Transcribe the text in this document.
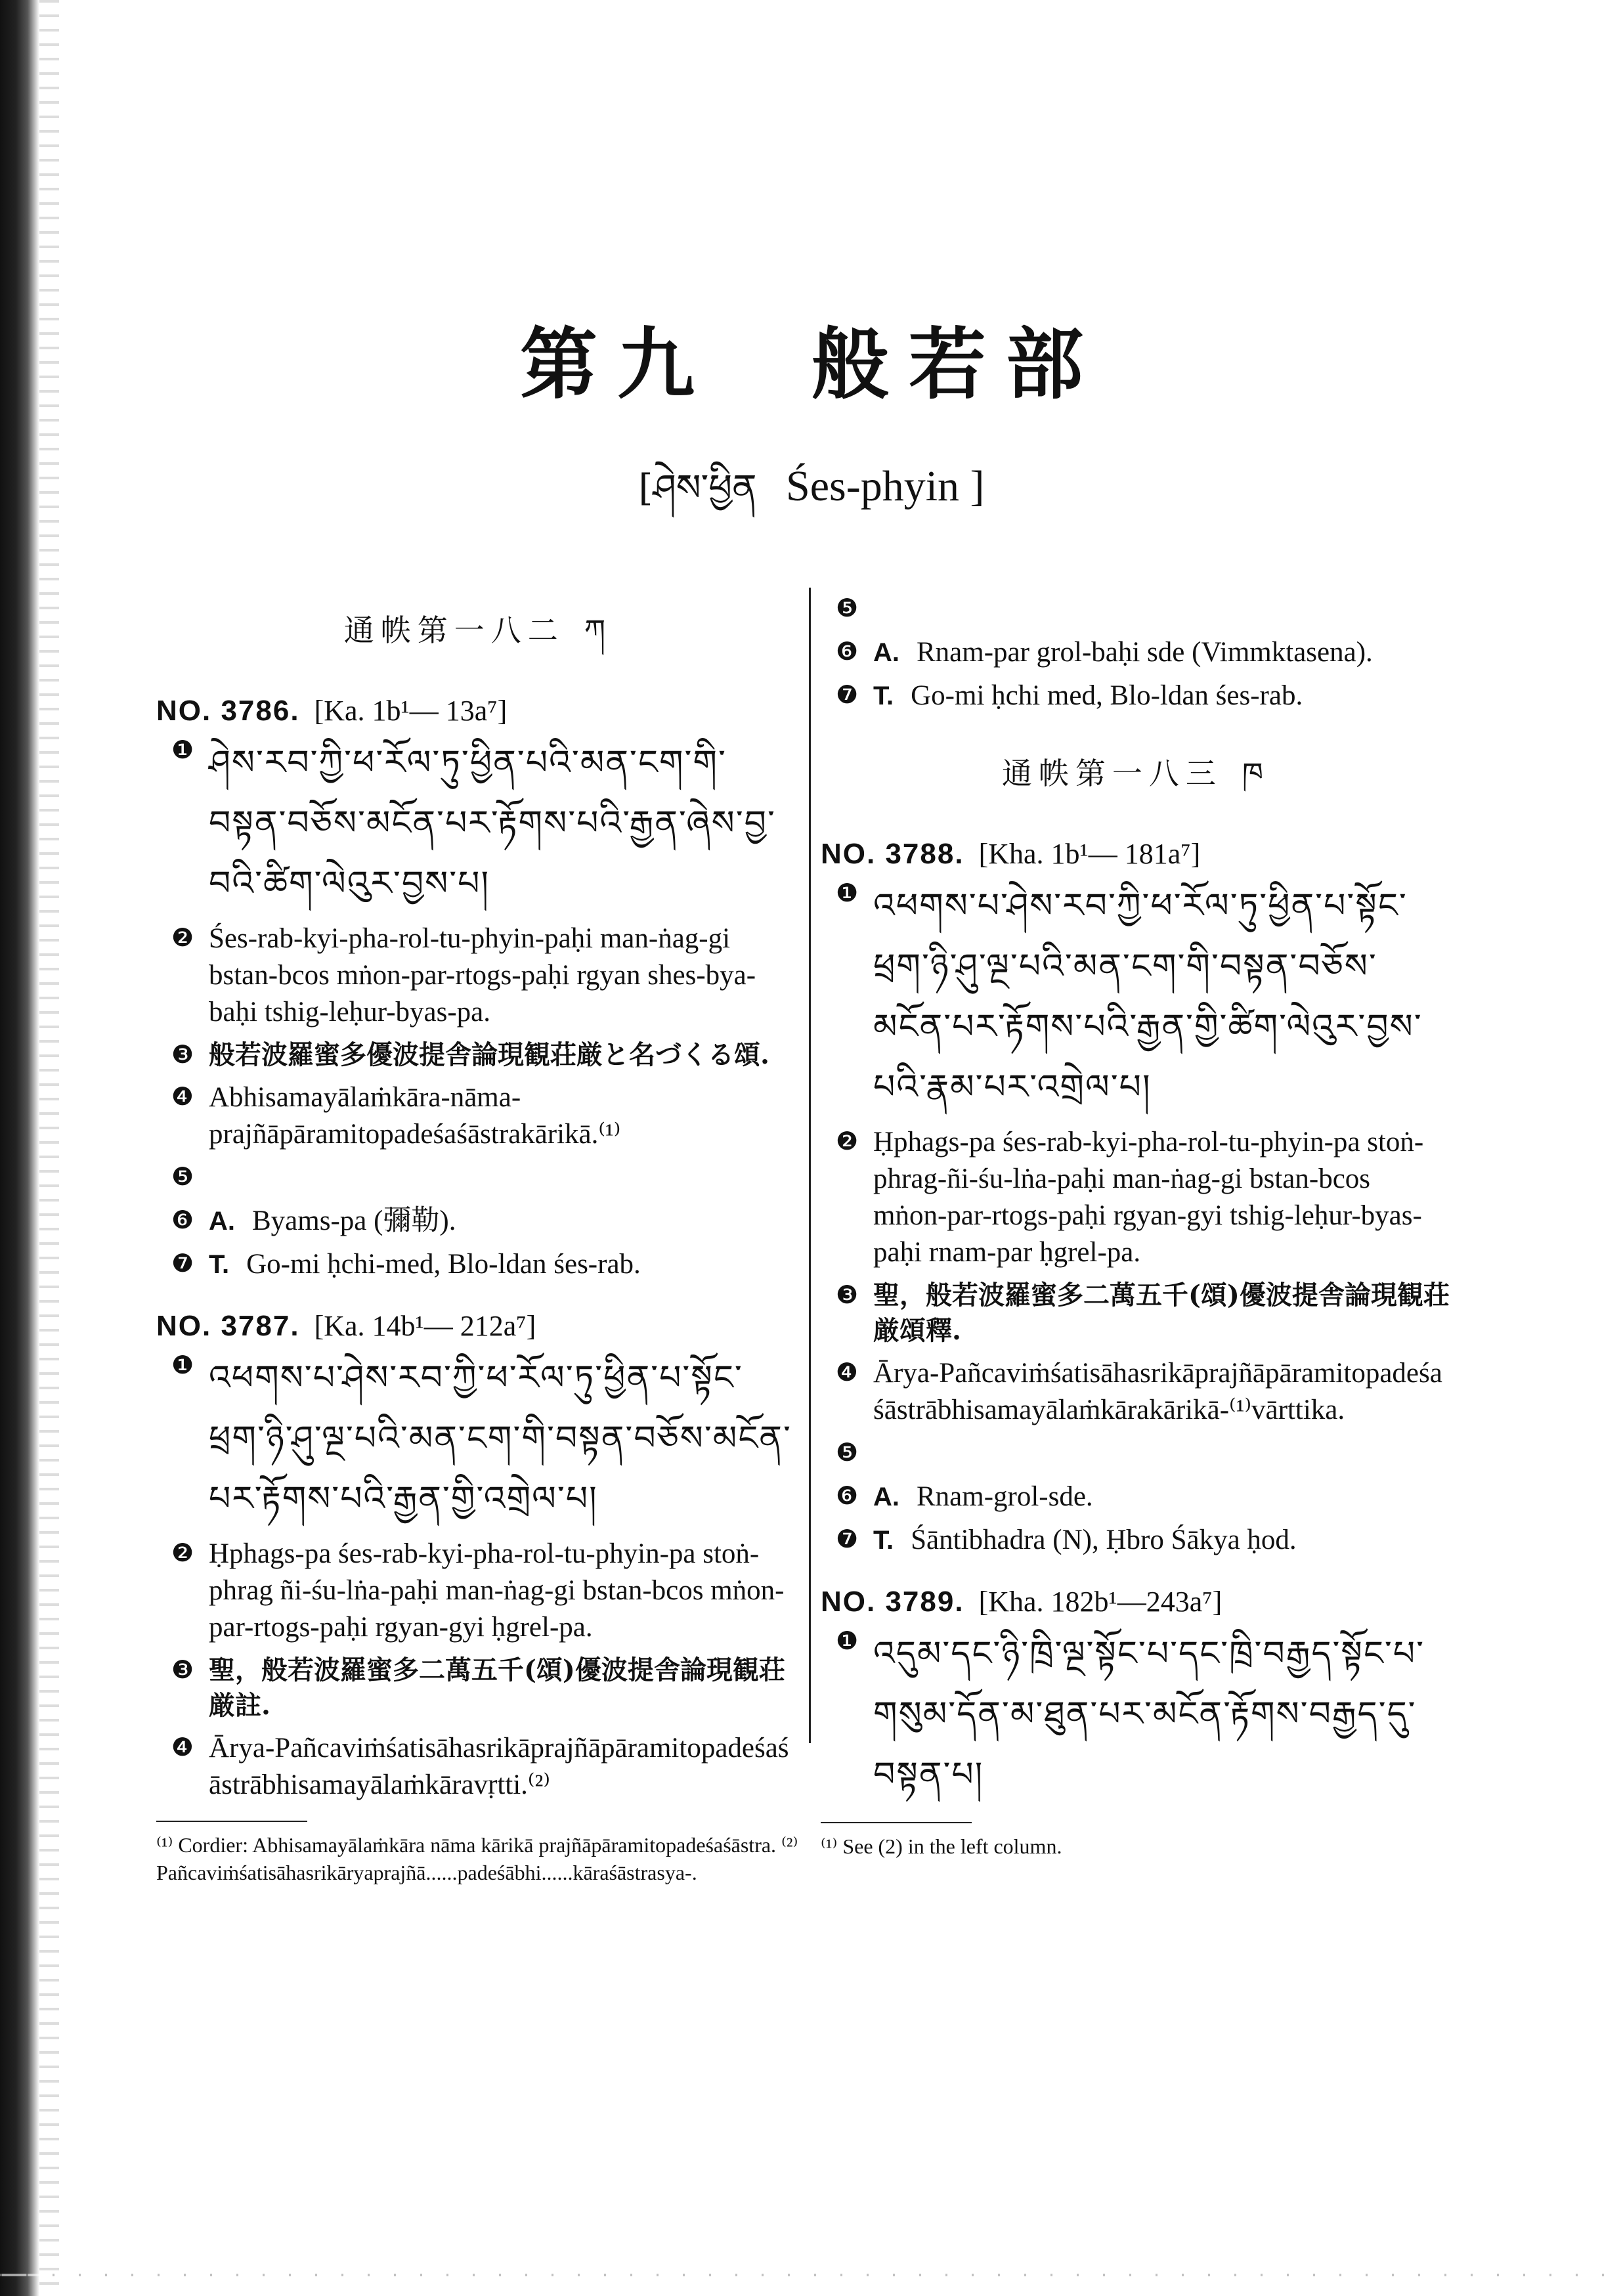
第九　般若部
[ཤེས་ཕྱིན Śes-phyin ]
通帙第一八二 ཀ
NO. 3786. [Ka. 1b¹— 13a⁷]
❶ ཤེས་རབ་ཀྱི་ཕ་རོལ་ཏུ་ཕྱིན་པའི་མན་ངག་གི་བསྟན་བཅོས་མངོན་པར་རྟོགས་པའི་རྒྱན་ཞེས་བྱ་བའི་ཚིག་ལེའུར་བྱས་པ།
❷ Śes-rab-kyi-pha-rol-tu-phyin-paḥi man-ṅag-gi bstan-bcos mṅon-par-rtogs-paḥi rgyan shes-bya-baḥi tshig-leḥur-byas-pa.
❸ 般若波羅蜜多優波提舎論現観荘厳と名づくる頌.
❹ Abhisamayālaṁkāra-nāma-prajñāpāramitopadeśaśāstrakārikā.⁽¹⁾
❺
❻ A. Byams-pa (彌勒).
❼ T. Go-mi ḥchi-med, Blo-ldan śes-rab.
NO. 3787. [Ka. 14b¹— 212a⁷]
❶ འཕགས་པ་ཤེས་རབ་ཀྱི་ཕ་རོལ་ཏུ་ཕྱིན་པ་སྟོང་ཕྲག་ཉི་ཤུ་ལྔ་པའི་མན་ངག་གི་བསྟན་བཅོས་མངོན་པར་རྟོགས་པའི་རྒྱན་གྱི་འགྲེལ་པ།
❷ Ḥphags-pa śes-rab-kyi-pha-rol-tu-phyin-pa stoṅ-phrag ñi-śu-lṅa-paḥi man-ṅag-gi bstan-bcos mṅon-par-rtogs-paḥi rgyan-gyi ḥgrel-pa.
❸ 聖，般若波羅蜜多二萬五千(頌)優波提舎論現観荘厳註.
❹ Ārya-Pañcaviṁśatisāhasrikāprajñāpāramitopadeśaśāstrābhisamayālaṁkāravṛtti.⁽²⁾
⁽¹⁾ Cordier: Abhisamayālaṁkāra nāma kārikā prajñāpāramitopadeśaśāstra. ⁽²⁾ Pañcaviṁśatisāhasrikāryaprajñā......padeśābhi......kāraśāstrasya-.
❺
❻ A. Rnam-par grol-baḥi sde (Vimmktasena).
❼ T. Go-mi ḥchi med, Blo-ldan śes-rab.
通帙第一八三 ཁ
NO. 3788. [Kha. 1b¹— 181a⁷]
❶ འཕགས་པ་ཤེས་རབ་ཀྱི་ཕ་རོལ་ཏུ་ཕྱིན་པ་སྟོང་ཕྲག་ཉི་ཤུ་ལྔ་པའི་མན་ངག་གི་བསྟན་བཅོས་མངོན་པར་རྟོགས་པའི་རྒྱན་གྱི་ཚིག་ལེའུར་བྱས་པའི་རྣམ་པར་འགྲེལ་པ།
❷ Ḥphags-pa śes-rab-kyi-pha-rol-tu-phyin-pa stoṅ-phrag-ñi-śu-lṅa-paḥi man-ṅag-gi bstan-bcos mṅon-par-rtogs-paḥi rgyan-gyi tshig-leḥur-byas-paḥi rnam-par ḥgrel-pa.
❸ 聖，般若波羅蜜多二萬五千(頌)優波提舎論現観荘厳頌釋.
❹ Ārya-Pañcaviṁśatisāhasrikāprajñāpāramitopadeśaśāstrābhisamayālaṁkārakārikā-⁽¹⁾vārttika.
❺
❻ A. Rnam-grol-sde.
❼ T. Śāntibhadra (N), Ḥbro Śākya ḥod.
NO. 3789. [Kha. 182b¹—243a⁷]
❶ འདུམ་དང་ཉི་ཁྲི་ལྔ་སྟོང་པ་དང་ཁྲི་བརྒྱད་སྟོང་པ་གསུམ་དོན་མ་ཐུན་པར་མངོན་རྟོགས་བརྒྱད་དུ་བསྟན་པ།
⁽¹⁾ See (2) in the left column.
